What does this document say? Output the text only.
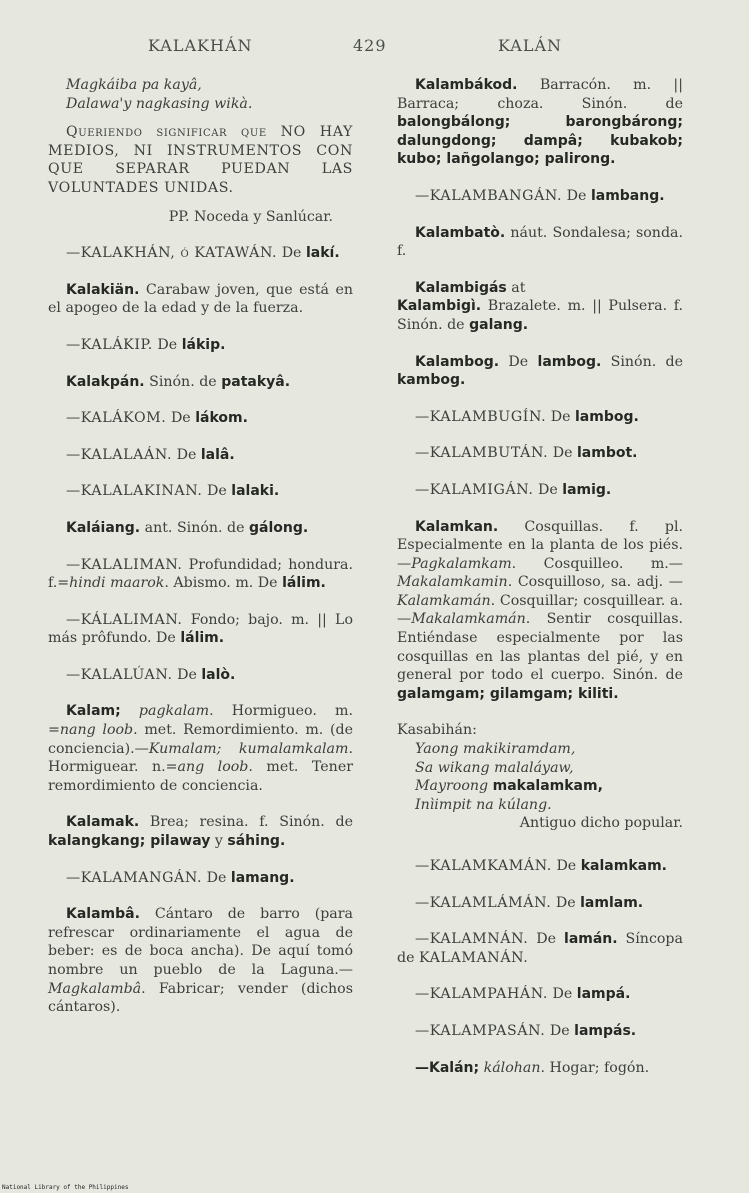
KALAKHÁN	429	KALÁN
Magkáiba pa kayâ,
Dalawa'y nagkasing wikà.

Queriendo significar que NO HAY MEDIOS, NI INSTRUMENTOS CON QUE SEPARAR PUEDAN LAS VOLUNTADES UNIDAS.

PP. Noceda y Sanlúcar.

—KALAKHÁN, ó KATAWÁN. De lakí.

Kalakiän. Carabaw joven, que está en el apogeo de la edad y de la fuerza.

—KALÁKIP. De lákip.

Kalakpán. Sinón. de patakyâ.

—KALÁKOM. De lákom.

—KALALAÁN. De lalâ.

—KALALAKINAN. De lalaki.

Kaláiang. ant. Sinón. de gálong.

—KALALIMAN. Profundidad; hondura. f.=hindi maarok. Abismo. m. De lálim.

—KÁLALIMAN. Fondo; bajo. m. || Lo más prôfundo. De lálim.

—KALALÚAN. De lalò.

Kalam; pagkalam. Hormigueo. m. =nang loob. met. Remordimiento. m. (de conciencia).—Kumalam; kumalamkalam. Hormiguear. n.=ang loob. met. Tener remordimiento de conciencia.

Kalamak. Brea; resina. f. Sinón. de kalangkang; pilaway y sáhing.

—KALAMANGÁN. De lamang.

Kalambâ. Cántaro de barro (para refrescar ordinariamente el agua de beber: es de boca ancha). De aquí tomó nombre un pueblo de la Laguna.—Magkalambâ. Fabricar; vender (dichos cántaros).

Kalambákod. Barracón. m. || Barraca; choza. Sinón. de balongbálong; barongbárong; dalungdong; dampâ; kubakob; kubo; lañgolango; palirong.

—KALAMBANGÁN. De lambang.

Kalambatò. náut. Sondalesa; sonda. f.

Kalambigás at
Kalambigì. Brazalete. m. || Pulsera. f. Sinón. de galang.

Kalambog. De lambog. Sinón. de kambog.

—KALAMBUGÍN. De lambog.

—KALAMBUTÁN. De lambot.

—KALAMIGÁN. De lamig.

Kalamkan. Cosquillas. f. pl. Especialmente en la planta de los piés. —Pagkalamkam. Cosquilleo. m.—Makalamkamin. Cosquilloso, sa. adj. —Kalamkamán. Cosquillar; cosquillear. a.—Makalamkamán. Sentir cosquillas. Entiéndase especialmente por las cosquillas en las plantas del pié, y en general por todo el cuerpo. Sinón. de galamgam; gilamgam; kiliti.

Kasabihán:
Yaong makikiramdam,
Sa wikang malaláyaw,
Mayroong makalamkam,
Inìimpit na kúlang.
Antiguo dicho popular.

—KALAMKAMÁN. De kalamkam.

—KALAMLÁMÁN. De lamlam.

—KALAMNÁN. De lamán. Síncopa de KALAMANÁN.

—KALAMPAHÁN. De lampá.

—KALAMPASÁN. De lampás.

—Kalán; kálohan. Hogar; fogón.

National Library of the Philippines
